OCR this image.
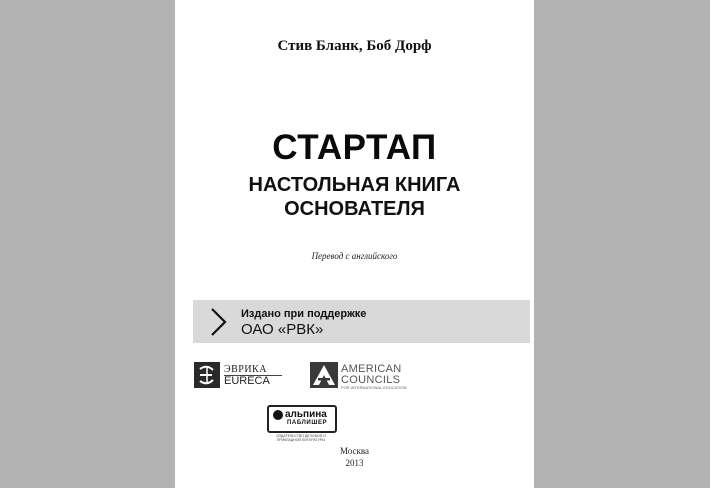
Стив Бланк, Боб Дорф
СТАРТАП
НАСТОЛЬНАЯ КНИГА
ОСНОВАТЕЛЯ
Перевод с английского
Издано при поддержке
ОАО «РВК»
ЭВРИКА
EURECA
AMERICAN
COUNCILS
FOR INTERNATIONAL EDUCATION
альпина
ПАБЛИШЕР
ИЗДАТЕЛЬСТВО ДЕЛОВОЙ И ПРИКЛАДНОЙ ЛИТЕРАТУРЫ
Москва
2013
